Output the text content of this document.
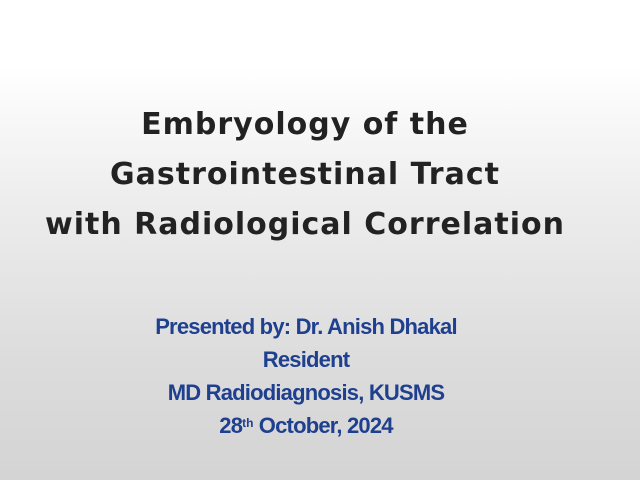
Embryology of the
Gastrointestinal Tract
with Radiological Correlation
Presented by: Dr. Anish Dhakal
Resident
MD Radiodiagnosis, KUSMS
28th October, 2024
